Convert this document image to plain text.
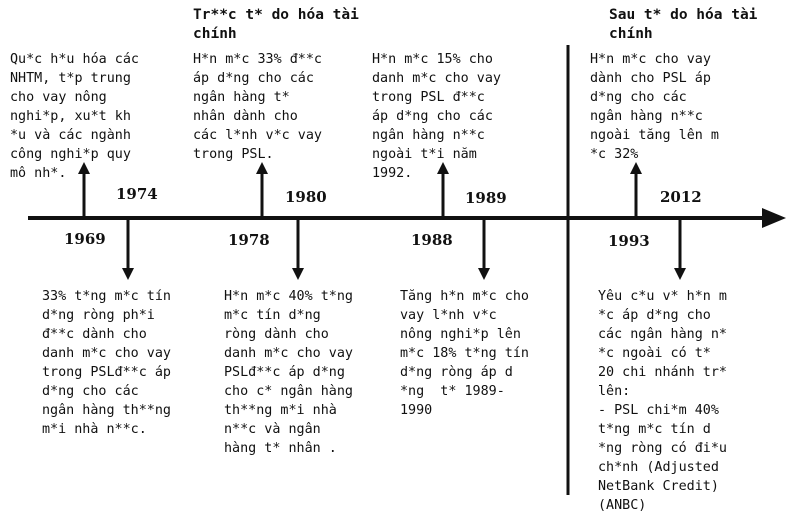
Tr**c t* do hóa tài
chính
Sau t* do hóa tài
chính
1969
1974
1978
1980
1988
1989
1993
2012
Qu*c h*u hóa các
NHTM, t*p trung
cho vay nông
nghi*p, xu*t kh
*u và các ngành
công nghi*p quy
mô nh*.
33% t*ng m*c tín
d*ng ròng ph*i
đ**c dành cho
danh m*c cho vay
trong PSLđ**c áp
d*ng cho các
ngân hàng th**ng
m*i nhà n**c.
H*n m*c 33% đ**c
áp d*ng cho các
ngân hàng t*
nhân dành cho
các l*nh v*c vay
trong PSL.
H*n m*c 40% t*ng
m*c tín d*ng
ròng dành cho
danh m*c cho vay
PSLđ**c áp d*ng
cho c* ngân hàng
th**ng m*i nhà
n**c và ngân
hàng t* nhân .
H*n m*c 15% cho
danh m*c cho vay
trong PSL đ**c
áp d*ng cho các
ngân hàng n**c
ngoài t*i năm
1992.
Tăng h*n m*c cho
vay l*nh v*c
nông nghi*p lên
m*c 18% t*ng tín
d*ng ròng áp d
*ng  t* 1989-
1990
H*n m*c cho vay
dành cho PSL áp
d*ng cho các
ngân hàng n**c
ngoài tăng lên m
*c 32%
Yêu c*u v* h*n m
*c áp d*ng cho
các ngân hàng n*
*c ngoài có t*
20 chi nhánh tr*
lên:
- PSL chi*m 40%
t*ng m*c tín d
*ng ròng có đi*u
ch*nh (Adjusted
NetBank Credit)
(ANBC)
